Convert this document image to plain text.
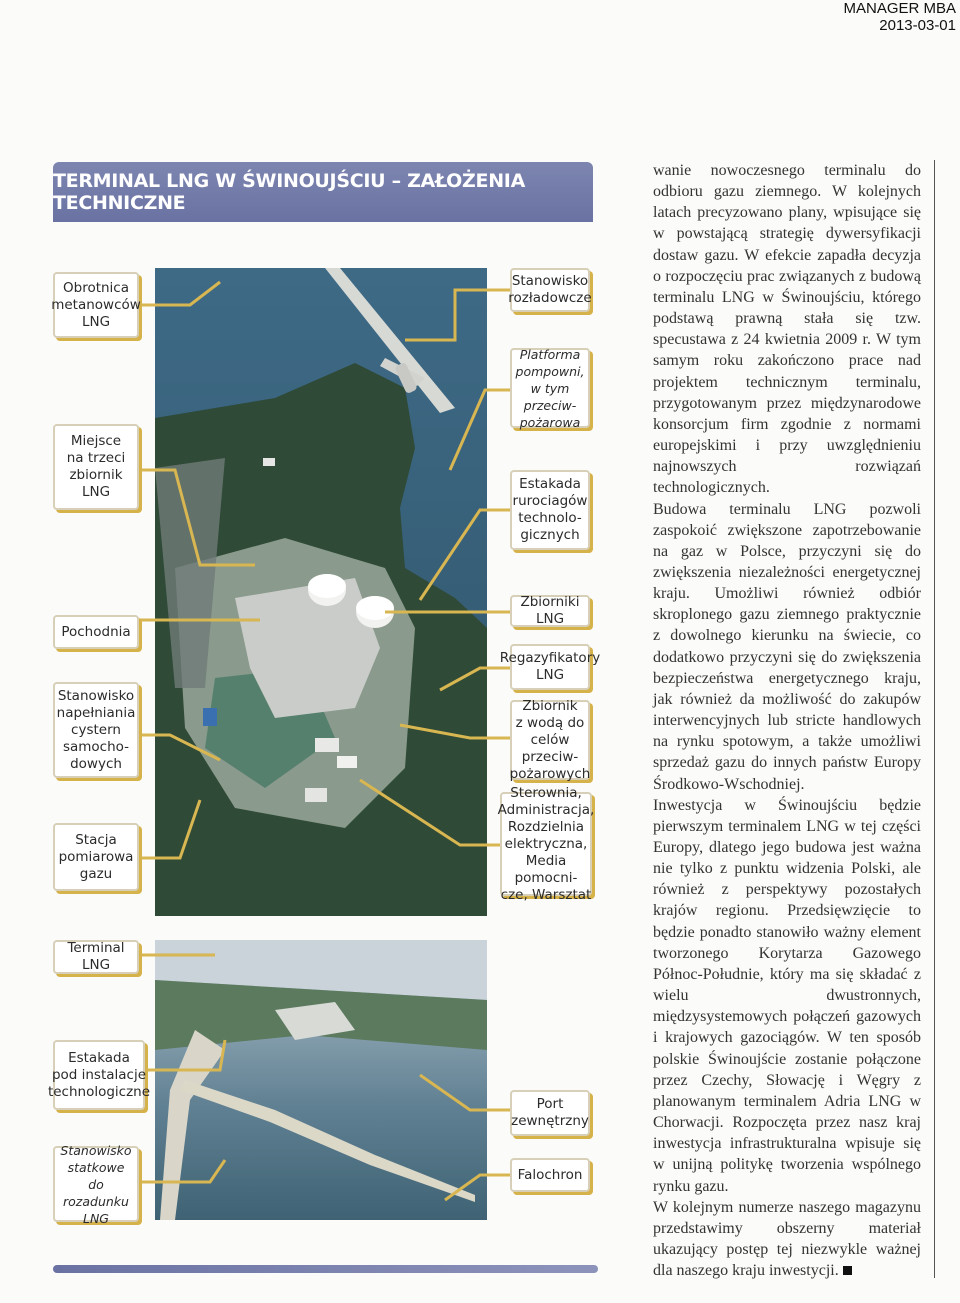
MANAGER MBA
2013-03-01
TERMINAL LNG W ŚWINOUJŚCIU – ZAŁOŻENIA TECHNICZNE
Obrotnica
metanowców
LNG
Miejsce
na trzeci
zbiornik
LNG
Pochodnia
Stanowisko
napełniania
cystern
samocho-
dowych
Stacja
pomiarowa
gazu
Terminal LNG
Estakada
pod instalacje
technologiczne
Stanowisko
statkowe
do rozadunku
LNG
Stanowisko
rozładowcze
Platforma
pompowni,
w tym przeciw-
pożarowa
Estakada
rurociagów
technolo-
gicznych
Zbiorniki LNG
Regazyfikatory
LNG
Zbiornik
z wodą do
celów przeciw-
pożarowych
Sterownia,
Administracja,
Rozdzielnia
elektryczna,
Media pomocni-
cze, Warsztat
Port
zewnętrzny
Falochron

wanie nowoczesnego terminalu do odbioru gazu ziemnego. W kolejnych latach precyzowano plany, wpisujące się w powstającą strategię dywersyfikacji dostaw gazu. W efekcie zapadła decyzja o rozpoczęciu prac związanych z budową terminalu LNG w Świnoujściu, którego podstawą prawną stała się tzw. specustawa z 24 kwietnia 2009 r. W tym samym roku zakończono prace nad projektem technicznym terminalu, przygotowanym przez międzynarodowe konsorcjum firm zgodnie z normami europejskimi i przy uwzględnieniu najnowszych rozwiązań technologicznych.

Budowa terminalu LNG pozwoli zaspokoić zwiększone zapotrzebowanie na gaz w Polsce, przyczyni się do zwiększenia niezależności energetycznej kraju. Umożliwi również odbiór skroplonego gazu ziemnego praktycznie z dowolnego kierunku na świecie, co dodatkowo przyczyni się do zwiększenia bezpieczeństwa energetycznego kraju, jak również da możliwość do zakupów interwencyjnych lub stricte handlowych na rynku spotowym, a także umożliwi sprzedaż gazu do innych państw Europy Środkowo-Wschodniej.

Inwestycja w Świnoujściu będzie pierwszym terminalem LNG w tej części Europy, dlatego jego budowa jest ważna nie tylko z punktu widzenia Polski, ale również z perspektywy pozostałych krajów regionu. Przedsięwzięcie to będzie ponadto stanowiło ważny element tworzonego Korytarza Gazowego Północ-Południe, który ma się składać z wielu dwustronnych, międzysystemowych połączeń gazowych i krajowych gazociągów. W ten sposób polskie Świnoujście zostanie połączone przez Czechy, Słowację i Węgry z planowanym terminalem Adria LNG w Chorwacji. Rozpoczęta przez nasz kraj inwestycja infrastrukturalna wpisuje się w unijną politykę tworzenia wspólnego rynku gazu.

W kolejnym numerze naszego magazynu przedstawimy obszerny materiał ukazujący postęp tej niezwykle ważnej dla naszego kraju inwestycji.
